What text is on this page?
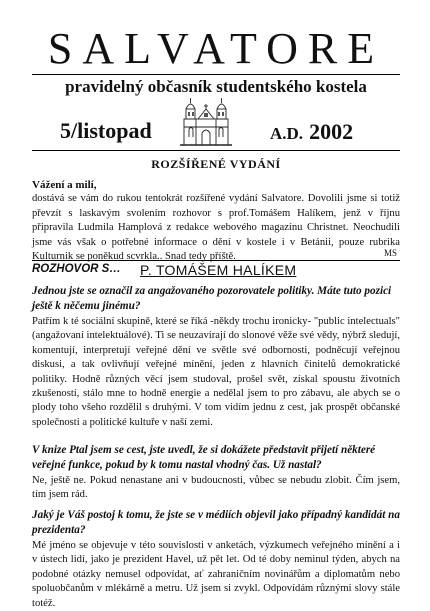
SALVATORE
pravidelný občasník studentského kostela
5/listopad	A.D. 2002
ROZŠÍŘENÉ VYDÁNÍ
Vážení a milí,
dostává se vám do rukou tentokrát rozšířené vydání Salvatore. Dovolili jsme si totiž převzít s laskavým svolením rozhovor s prof.Tomášem Halíkem, jenž v říjnu připravila Ludmila Hamplová z redakce webového magazínu Christnet. Neochudili jsme vás však o potřebné informace o dění v kostele i v Betánii, pouze rubrika Kulturnik se poněkud scvrkla.. Snad tedy příště.	MS
ROZHOVOR S… P. TOMÁŠEM HALÍKEM
Jednou jste se označil za angažovaného pozorovatele politiky. Máte tuto pozici ještě k něčemu jinému?
Patřím k té sociální skupině, které se říká -někdy trochu ironicky- "public intelectuals" (angažovaní intelektuálové). Ti se neuzavírají do slonové věže své vědy, nýbrž sledují, komentují, interpretují veřejné dění ve světle své odbornosti, podněcují veřejnou diskusi, a tak ovlivňují veřejné mínění, jeden z hlavních činitelů demokratické politiky. Hodně různých věcí jsem studoval, prošel svět, získal spoustu životních zkušeností, stálo mne to hodně energie a nedělal jsem to pro zábavu, ale abych se o plody toho všeho rozdělil s druhými. V tom vidím jednu z cest, jak prospět občanské společnosti a politické kultuře v naší zemi.
V knize Ptal jsem se cest, jste uvedl, že si dokážete představit přijetí některé veřejné funkce, pokud by k tomu nastal vhodný čas. Už nastal?
Ne, ještě ne. Pokud nenastane ani v budoucnosti, vůbec se nebudu zlobit. Čím jsem, tím jsem rád.
Jaký je Váš postoj k tomu, že jste se v médiích objevil jako případný kandidát na prezidenta?
Mé jméno se objevuje v této souvislosti v anketách, výzkumech veřejného mínění a i v ústech lidí, jako je prezident Havel, už pět let. Od té doby neminul týden, abych na podobné otázky nemusel odpovídat, ať zahraničním novinářům a diplomatům nebo spoluobčanům v mlékárně a metru. Už jsem si zvykl. Odpovídám různými slovy stále totéž.
